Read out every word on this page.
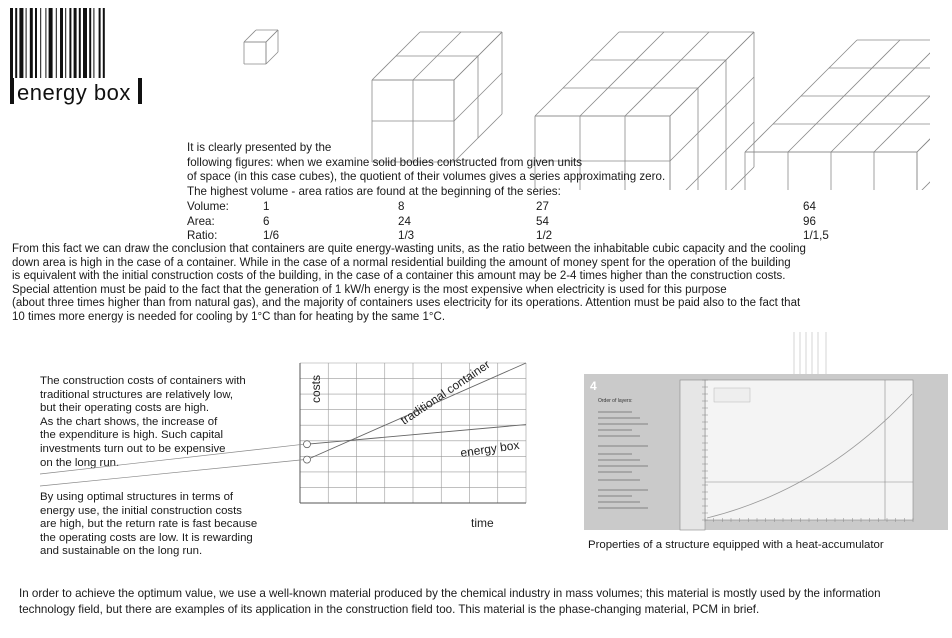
energy box
It is clearly presented by the
following figures: when we examine solid bodies constructed from given units
of space (in this case cubes), the quotient of their volumes gives a series approximating zero.
The highest volume - area ratios are found at the beginning of the series:
Volume:	1	8	27	64
Area:	6	24	54	96
Ratio:	1/6	1/3	1/2	1/1,5
From this fact we can draw the conclusion that containers are quite energy-wasting units, as the ratio between the inhabitable cubic capacity and the cooling
down area is high in the case of a container. While in the case of a normal residential building the amount of money spent for the operation of the building
is equivalent with the initial construction costs of the building, in the case of a container this amount may be 2-4 times higher than the construction costs.
Special attention must be paid to the fact that the generation of 1 kW/h energy is the most expensive when electricity is used for this purpose
(about three times higher than from natural gas), and the majority of containers uses electricity for its operations. Attention must be paid also to the fact that
10 times more energy is needed for cooling by 1°C than for heating by the same 1°C.
The construction costs of containers with
traditional structures are relatively low,
but their operating costs are high.
As the chart shows, the increase of
the expenditure is high. Such capital
investments turn out to be expensive
on the long run.
By using optimal structures in terms of
energy use, the initial construction costs
are high, but the return rate is fast because
the operating costs are low. It is rewarding
and sustainable on the long run.
costs
time
traditional container
energy box
4
Order of layers:
Properties of a structure equipped with a heat-accumulator
In order to achieve the optimum value, we use a well-known material produced by the chemical industry in mass volumes; this material is mostly used by the information
technology field, but there are examples of its application in the construction field too. This material is the phase-changing material, PCM in brief.
